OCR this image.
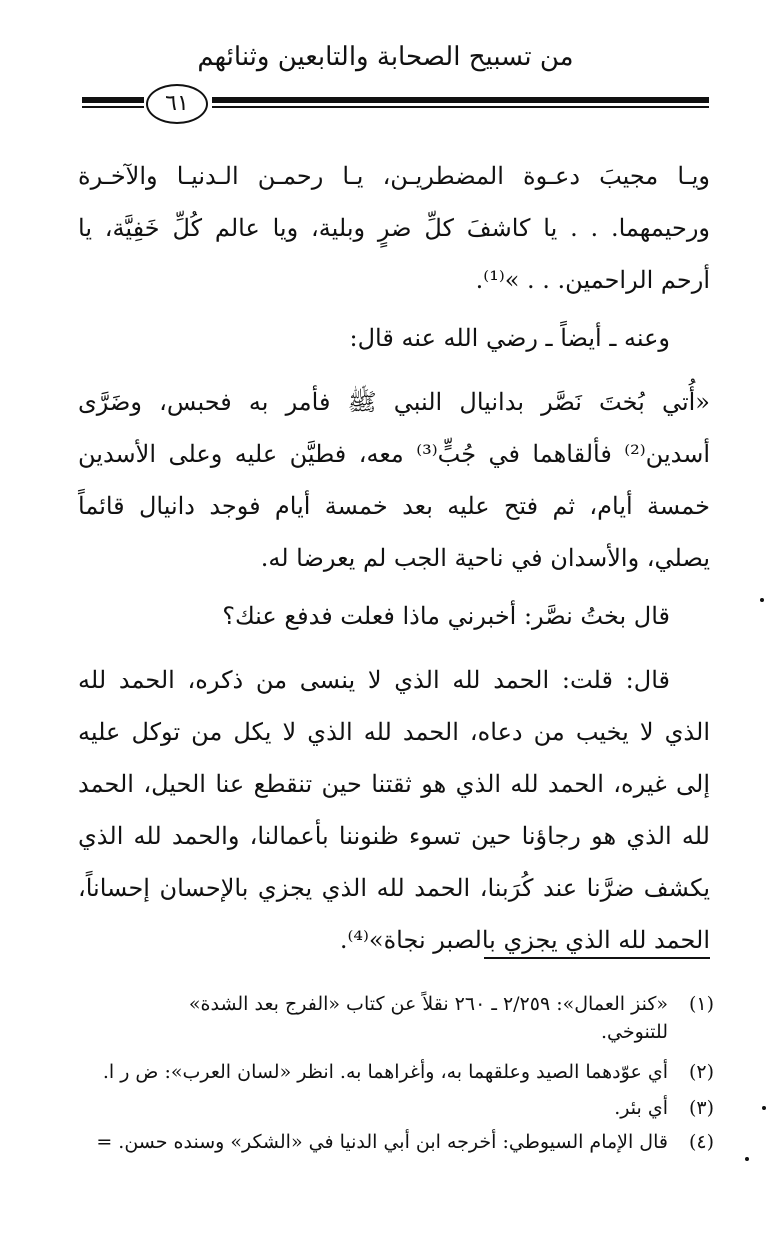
من تسبيح الصحابة والتابعين وثنائهم
٦١
ويـا مجيبَ دعـوة المضطريـن، يـا رحمـن الـدنيـا والآخـرة
ورحيمهما. . . يا كاشفَ كلِّ ضرٍ وبلية، ويا عالم كُلِّ خَفِيَّة، يا
أرحم الراحمين. . . »⁽¹⁾.
وعنه ـ أيضاً ـ رضي الله عنه قال:
«أُتي بُختَ نَصَّر بدانيال النبي ﷺ فأمر به فحبس، وضَرَّى
أسدين⁽²⁾ فألقاهما في جُبٍّ⁽³⁾ معه، فطيَّن عليه وعلى الأسدين
خمسة أيام، ثم فتح عليه بعد خمسة أيام فوجد دانيال قائماً
يصلي، والأسدان في ناحية الجب لم يعرضا له.
قال بختُ نصَّر: أخبرني ماذا فعلت فدفع عنك؟
قال: قلت: الحمد لله الذي لا ينسى من ذكره، الحمد لله
الذي لا يخيب من دعاه، الحمد لله الذي لا يكل من توكل عليه
إلى غيره، الحمد لله الذي هو ثقتنا حين تنقطع عنا الحيل، الحمد
لله الذي هو رجاؤنا حين تسوء ظنوننا بأعمالنا، والحمد لله الذي
يكشف ضرَّنا عند كُرَبنا، الحمد لله الذي يجزي بالإحسان إحساناً،
الحمد لله الذي يجزي بالصبر نجاة»⁽⁴⁾.
(١)«كنز العمال»: ٢/٢٥٩ ـ ٢٦٠ نقلاً عن كتاب «الفرج بعد الشدة»
للتنوخي.
(٢)أي عوّدهما الصيد وعلقهما به، وأغراهما به. انظر «لسان العرب»: ض ر ا.
(٣)أي بئر.
(٤)قال الإمام السيوطي: أخرجه ابن أبي الدنيا في «الشكر» وسنده حسن. =
